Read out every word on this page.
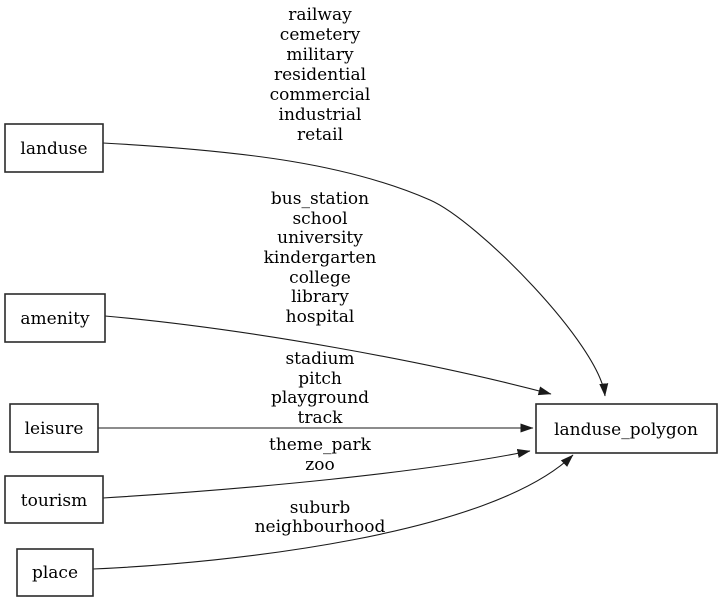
railway
cemetery
military
residential
commercial
industrial
retail
bus_station
school
university
kindergarten
college
library
hospital
stadium
pitch
playground
track
theme_park
zoo
suburb
neighbourhood
landuse
amenity
leisure
tourism
place
landuse_polygon
